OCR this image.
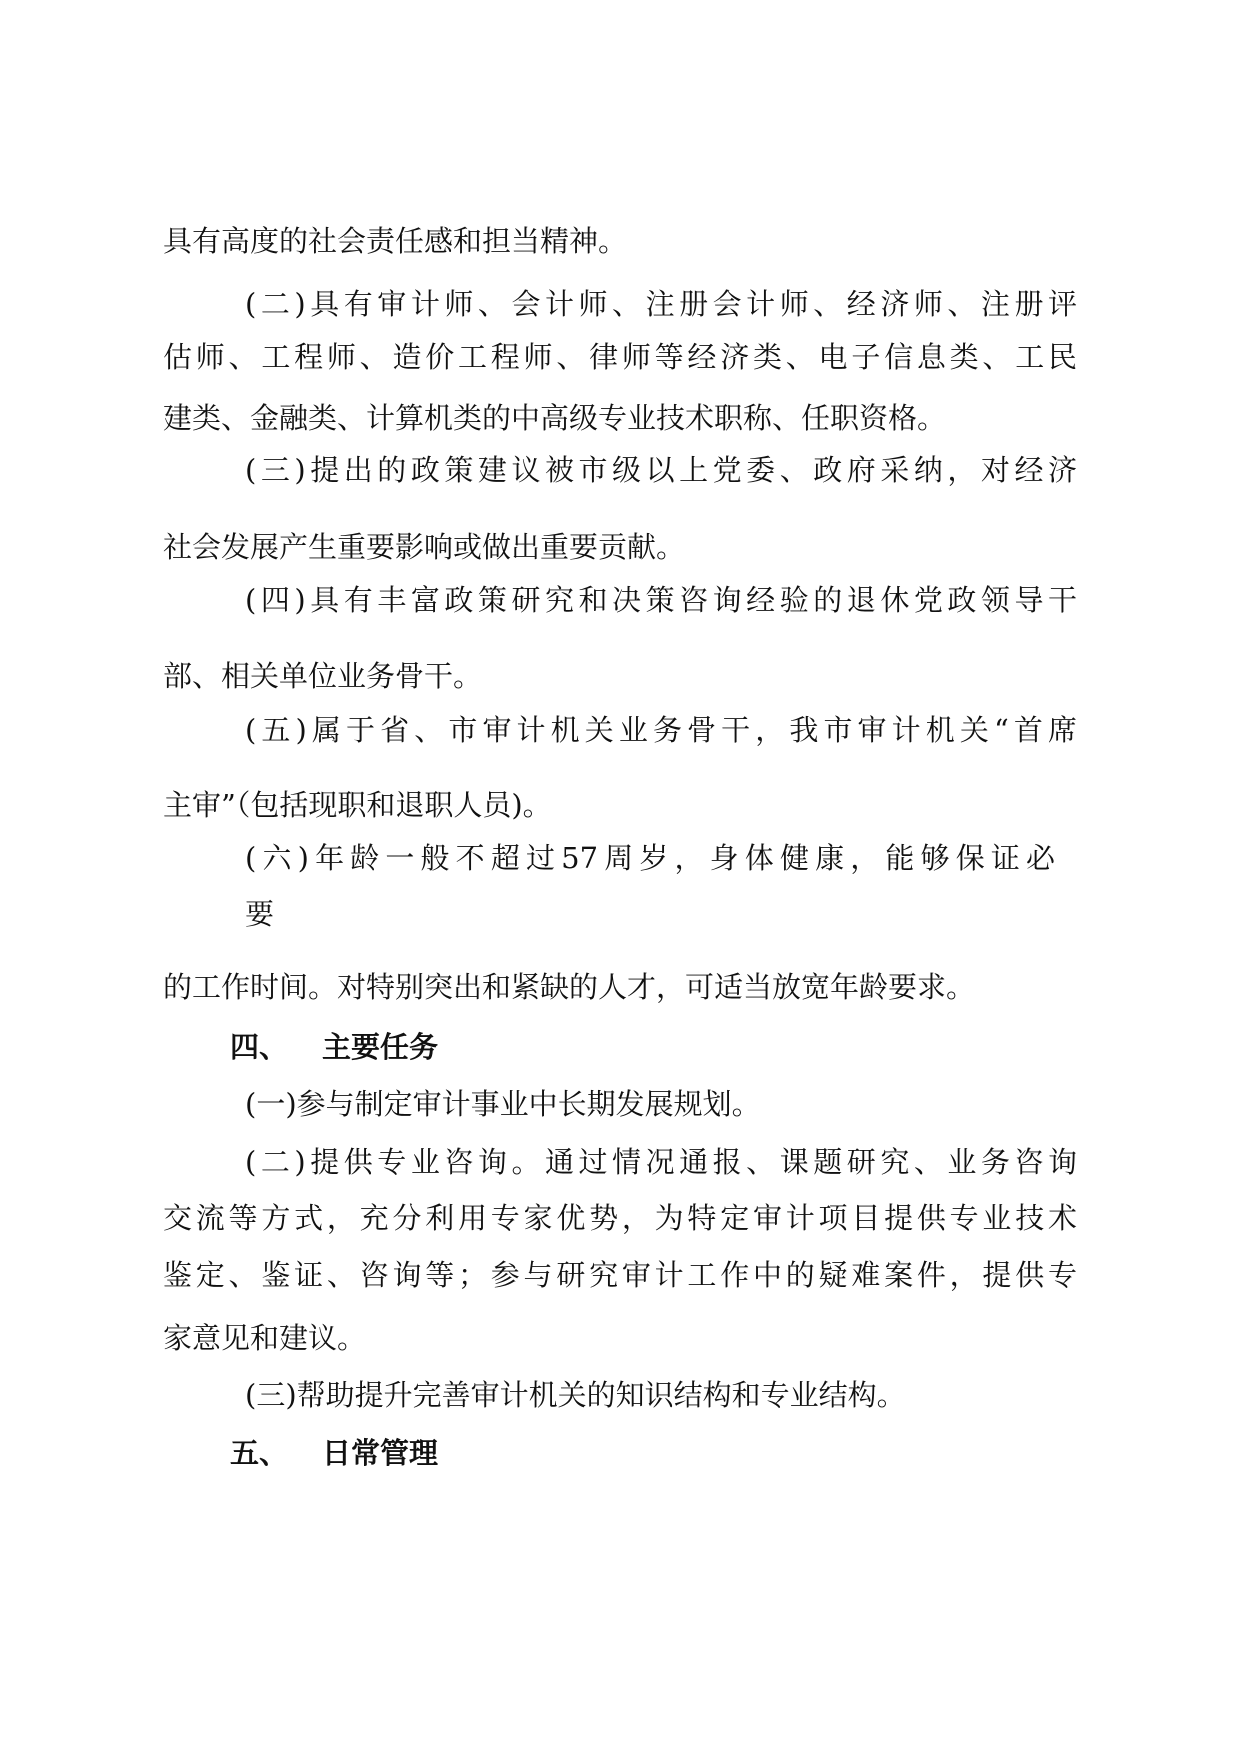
具有高度的社会责任感和担当精神。
(二)具有审计师、会计师、注册会计师、经济师、注册评
估师、工程师、造价工程师、律师等经济类、电子信息类、工民
建类、金融类、计算机类的中高级专业技术职称、任职资格。
(三)提出的政策建议被市级以上党委、政府采纳，对经济
社会发展产生重要影响或做出重要贡献。
(四)具有丰富政策研究和决策咨询经验的退休党政领导干
部、相关单位业务骨干。
(五)属于省、市审计机关业务骨干，我市审计机关“首席
主审”（包括现职和退职人员)。
(六)年龄一般不超过57周岁，身体健康，能够保证必
要
的工作时间。对特别突出和紧缺的人才，可适当放宽年龄要求。
四、 主要任务
(一)参与制定审计事业中长期发展规划。
(二)提供专业咨询。通过情况通报、课题研究、业务咨询
交流等方式，充分利用专家优势，为特定审计项目提供专业技术
鉴定、鉴证、咨询等；参与研究审计工作中的疑难案件，提供专
家意见和建议。
(三)帮助提升完善审计机关的知识结构和专业结构。
五、 日常管理
